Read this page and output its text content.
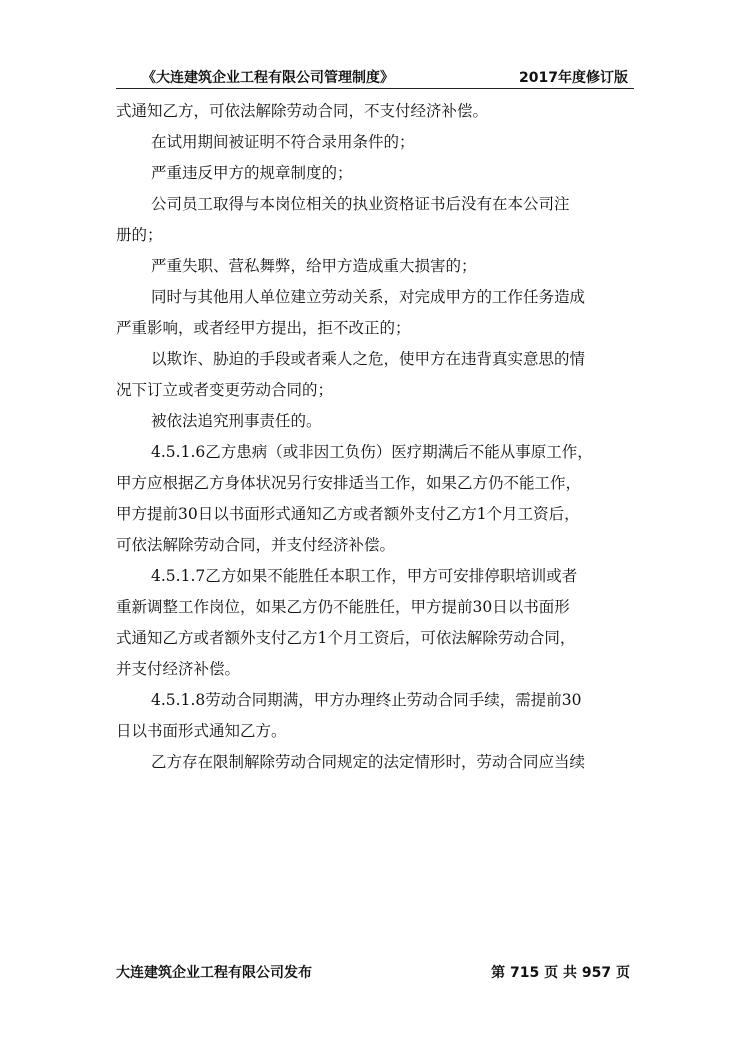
《大连建筑企业工程有限公司管理制度》	2017年度修订版
式通知乙方，可依法解除劳动合同，不支付经济补偿。
在试用期间被证明不符合录用条件的；
严重违反甲方的规章制度的；
公司员工取得与本岗位相关的执业资格证书后没有在本公司注
册的；
严重失职、营私舞弊，给甲方造成重大损害的；
同时与其他用人单位建立劳动关系，对完成甲方的工作任务造成
严重影响，或者经甲方提出，拒不改正的；
以欺诈、胁迫的手段或者乘人之危，使甲方在违背真实意思的情
况下订立或者变更劳动合同的；
被依法追究刑事责任的。
4.5.1.6乙方患病（或非因工负伤）医疗期满后不能从事原工作，
甲方应根据乙方身体状况另行安排适当工作，如果乙方仍不能工作，
甲方提前30日以书面形式通知乙方或者额外支付乙方1个月工资后，
可依法解除劳动合同，并支付经济补偿。
4.5.1.7乙方如果不能胜任本职工作，甲方可安排停职培训或者
重新调整工作岗位，如果乙方仍不能胜任，甲方提前30日以书面形
式通知乙方或者额外支付乙方1个月工资后，可依法解除劳动合同，
并支付经济补偿。
4.5.1.8劳动合同期满，甲方办理终止劳动合同手续，需提前30
日以书面形式通知乙方。
乙方存在限制解除劳动合同规定的法定情形时，劳动合同应当续
大连建筑企业工程有限公司发布	第 715 页 共 957 页
